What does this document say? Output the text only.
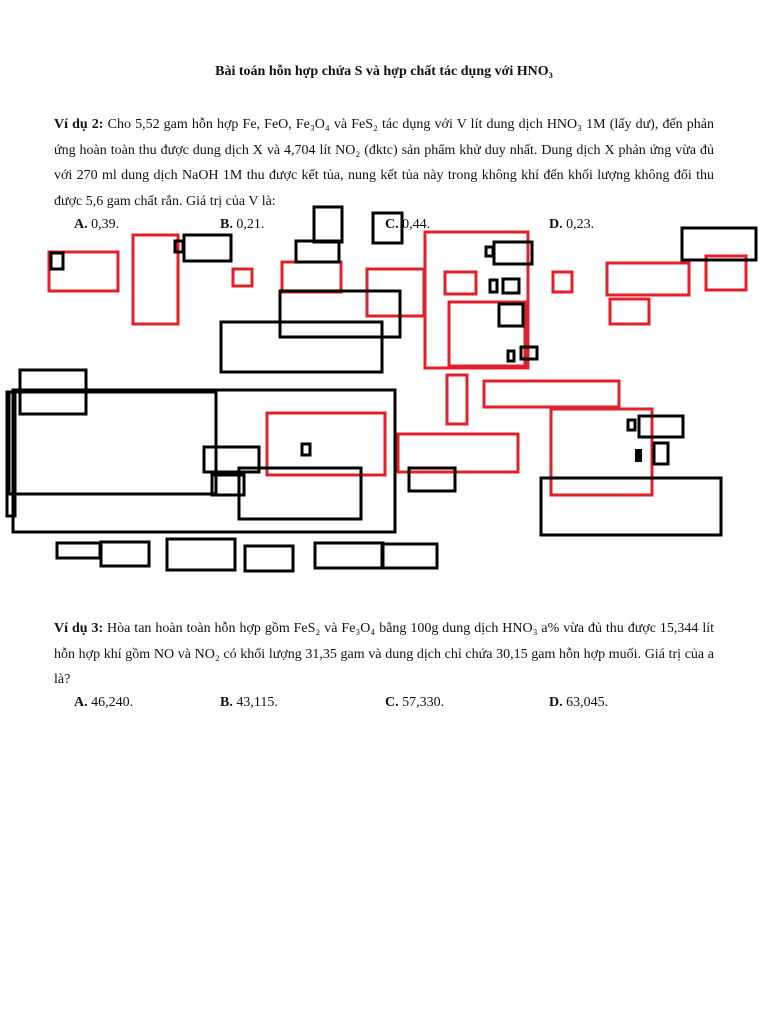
Bài toán hỗn hợp chứa S và hợp chất tác dụng với HNO₃
Ví dụ 2: Cho 5,52 gam hỗn hợp Fe, FeO, Fe₃O₄ và FeS₂ tác dụng với V lít dung dịch HNO₃ 1M (lấy dư), đến phản ứng hoàn toàn thu được dung dịch X và 4,704 lít NO₂ (đktc) sản phẩm khử duy nhất. Dung dịch X phản ứng vừa đủ với 270 ml dung dịch NaOH 1M thu được kết tủa, nung kết tủa này trong không khí đến khối lượng không đổi thu được 5,6 gam chất rắn. Giá trị của V là:
A. 0,39.	B. 0,21.	C. 0,44.	D. 0,23.
Ví dụ 3: Hòa tan hoàn toàn hỗn hợp gồm FeS₂ và Fe₃O₄ bằng 100g dung dịch HNO₃ a% vừa đủ thu được 15,344 lít hỗn hợp khí gồm NO và NO₂ có khối lượng 31,35 gam và dung dịch chỉ chứa 30,15 gam hỗn hợp muối. Giá trị của a là?
A. 46,240.	B. 43,115.	C. 57,330.	D. 63,045.
